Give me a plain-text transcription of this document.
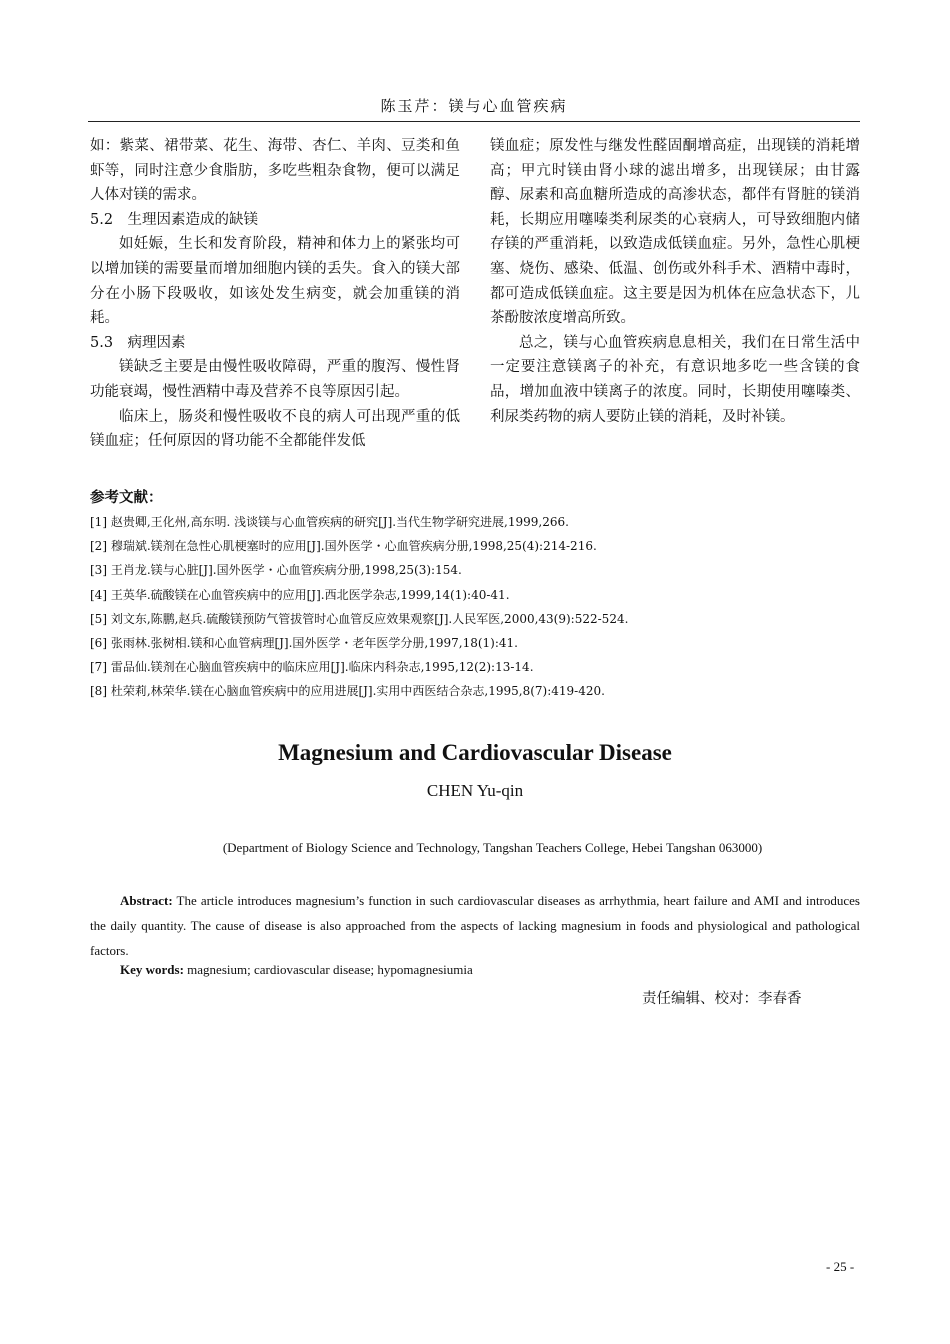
陈玉芹：镁与心血管疾病

如：紫菜、裙带菜、花生、海带、杏仁、羊肉、豆类和鱼虾等，同时注意少食脂肪，多吃些粗杂食物，便可以满足人体对镁的需求。

5.2　生理因素造成的缺镁

如妊娠，生长和发育阶段，精神和体力上的紧张均可以增加镁的需要量而增加细胞内镁的丢失。食入的镁大部分在小肠下段吸收，如该处发生病变，就会加重镁的消耗。

5.3　病理因素

镁缺乏主要是由慢性吸收障碍，严重的腹泻、慢性肾功能衰竭，慢性酒精中毒及营养不良等原因引起。

临床上，肠炎和慢性吸收不良的病人可出现严重的低镁血症；任何原因的肾功能不全都能伴发低

镁血症；原发性与继发性醛固酮增高症，出现镁的消耗增高；甲亢时镁由肾小球的滤出增多，出现镁尿；由甘露醇、尿素和高血糖所造成的高渗状态，都伴有肾脏的镁消耗，长期应用噻嗪类利尿类的心衰病人，可导致细胞内储存镁的严重消耗，以致造成低镁血症。另外，急性心肌梗塞、烧伤、感染、低温、创伤或外科手术、酒精中毒时，都可造成低镁血症。这主要是因为机体在应急状态下，儿茶酚胺浓度增高所致。

总之，镁与心血管疾病息息相关，我们在日常生活中一定要注意镁离子的补充，有意识地多吃一些含镁的食品，增加血液中镁离子的浓度。同时，长期使用噻嗪类、利尿类药物的病人要防止镁的消耗，及时补镁。

参考文献：
[1] 赵贵卿,王化州,高东明. 浅谈镁与心血管疾病的研究[J].当代生物学研究进展,1999,266.
[2] 穆瑞斌.镁剂在急性心肌梗塞时的应用[J].国外医学・心血管疾病分册,1998,25(4):214-216.
[3] 王肖龙.镁与心脏[J].国外医学・心血管疾病分册,1998,25(3):154.
[4] 王英华.硫酸镁在心血管疾病中的应用[J].西北医学杂志,1999,14(1):40-41.
[5] 刘文东,陈鹏,赵兵.硫酸镁预防气管拔管时心血管反应效果观察[J].人民军医,2000,43(9):522-524.
[6] 张雨林.张树相.镁和心血管病理[J].国外医学・老年医学分册,1997,18(1):41.
[7] 雷品仙.镁剂在心脑血管疾病中的临床应用[J].临床内科杂志,1995,12(2):13-14.
[8] 杜荣莉,林荣华.镁在心脑血管疾病中的应用进展[J].实用中西医结合杂志,1995,8(7):419-420.
Magnesium and Cardiovascular Disease
CHEN Yu-qin
(Department of Biology Science and Technology, Tangshan Teachers College, Hebei Tangshan 063000)

Abstract: The article introduces magnesium’s function in such cardiovascular diseases as arrhythmia, heart failure and AMI and introduces the daily quantity. The cause of disease is also approached from the aspects of lacking magnesium in foods and physiological and pathological factors.

Key words: magnesium; cardiovascular disease; hypomagnesiumia

责任编辑、校对：李春香
- 25 -
